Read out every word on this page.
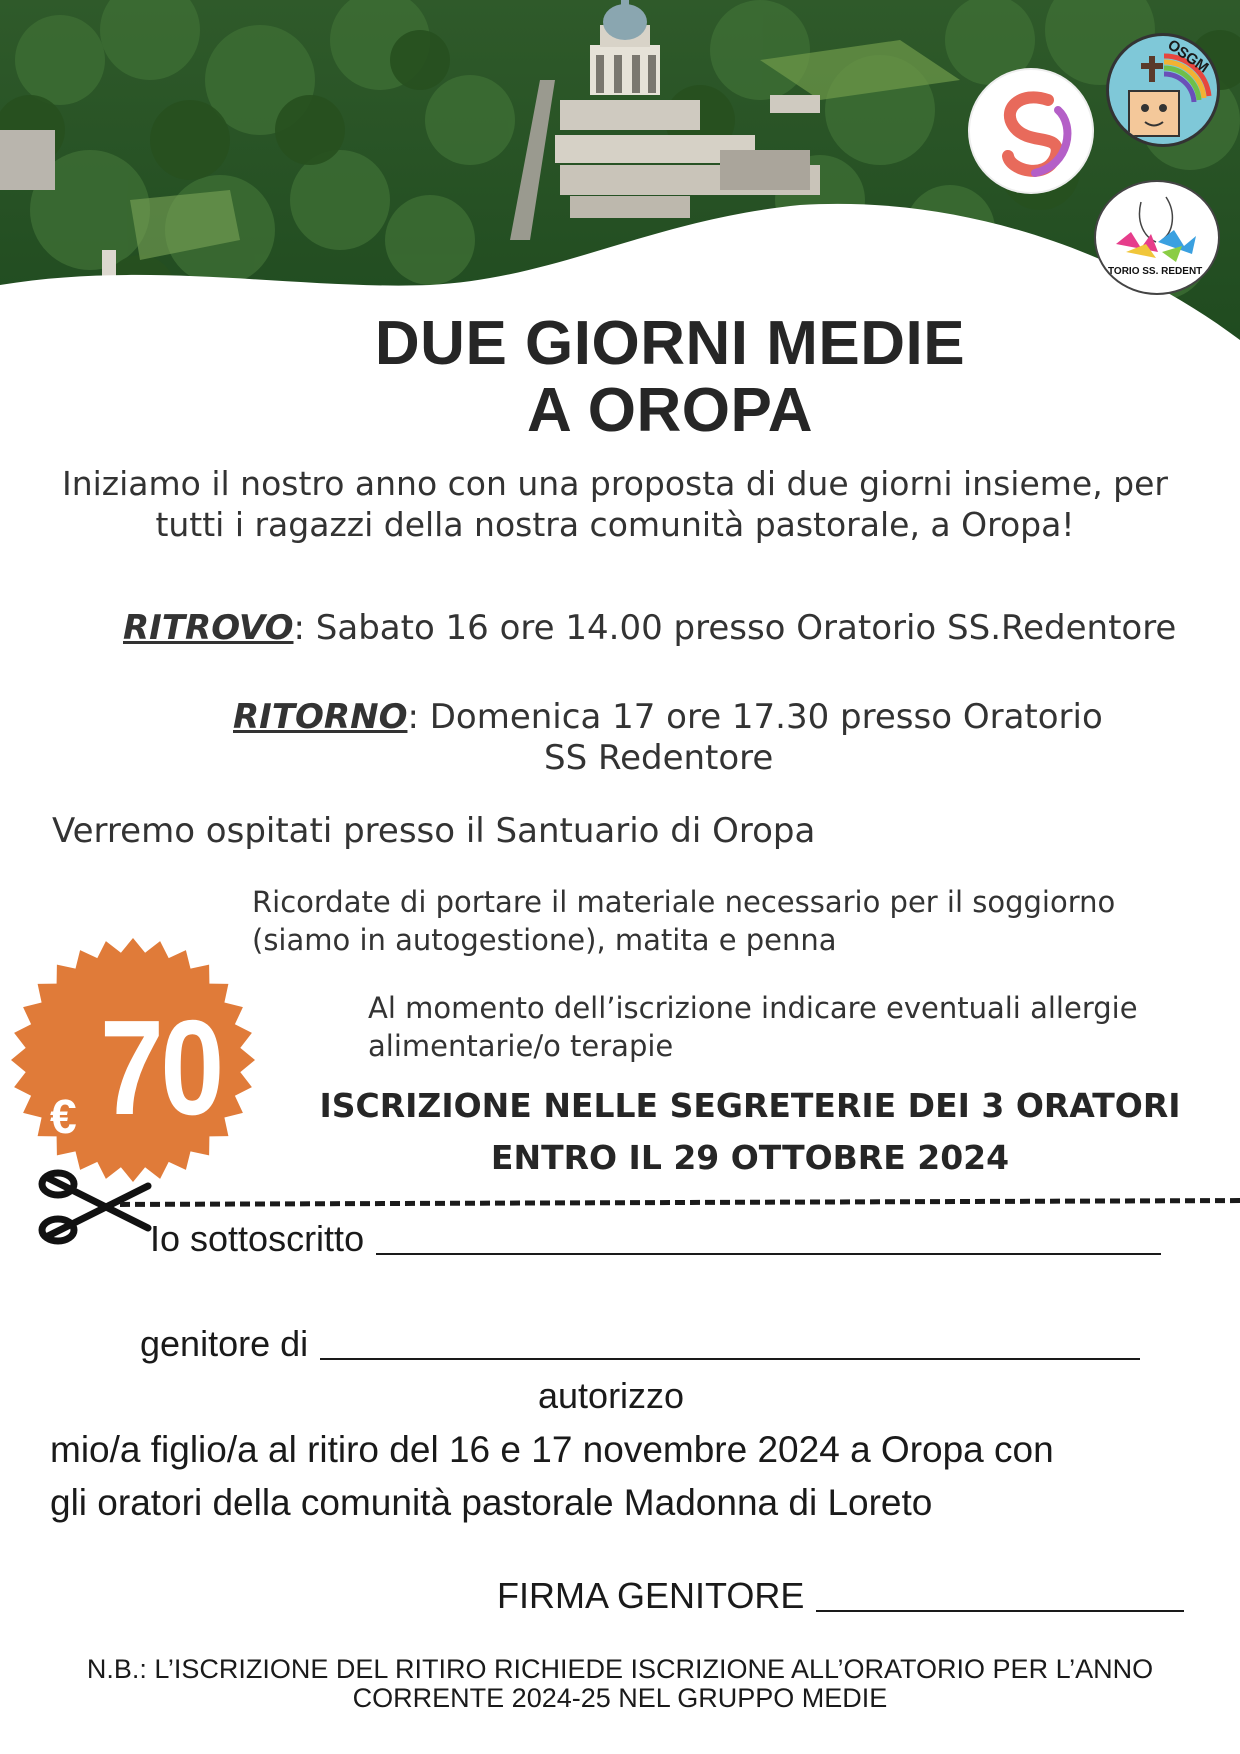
OSGM
TORIO SS. REDENT
DUE GIORNI MEDIE
A OROPA
Iniziamo il nostro anno con una proposta di due giorni insieme, per
tutti i ragazzi della nostra comunità pastorale, a Oropa!
RITROVO: Sabato 16 ore 14.00 presso Oratorio SS.Redentore
RITORNO: Domenica 17 ore 17.30 presso Oratorio
SS Redentore
Verremo ospitati presso il Santuario di Oropa
Ricordate di portare il materiale necessario per il soggiorno
(siamo in autogestione), matita e penna
Al momento dell’iscrizione indicare eventuali allergie
alimentarie/o terapie
€ 70	ISCRIZIONE NELLE SEGRETERIE DEI 3 ORATORI
ENTRO IL 29 OTTOBRE 2024
Io sottoscritto
genitore di
autorizzo
mio/a figlio/a al ritiro del 16 e 17 novembre 2024 a Oropa con
gli oratori della comunità pastorale Madonna di Loreto
FIRMA GENITORE
N.B.: L’ISCRIZIONE DEL RITIRO RICHIEDE ISCRIZIONE ALL’ORATORIO PER L’ANNO
CORRENTE 2024-25 NEL GRUPPO MEDIE
